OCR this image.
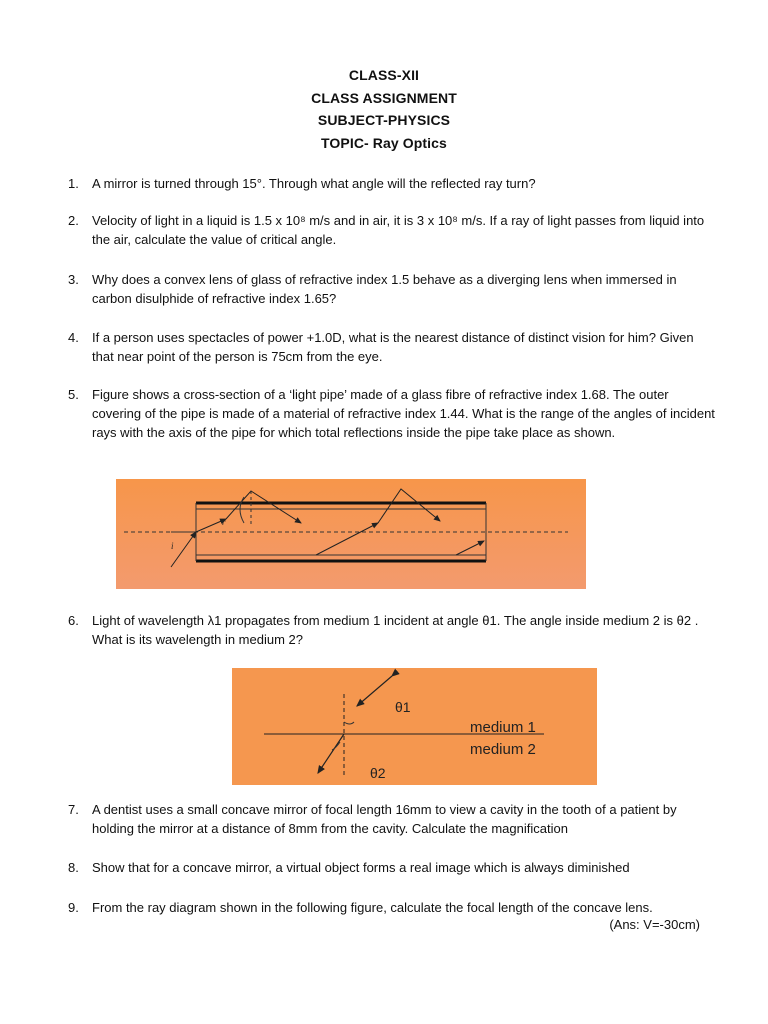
CLASS-XII
CLASS ASSIGNMENT
SUBJECT-PHYSICS
TOPIC- Ray Optics
1.	A mirror is turned through 15°. Through what angle will the reflected ray turn?
2.	Velocity of light in a liquid is 1.5 x 10⁸ m/s and in air, it is 3 x 10⁸ m/s. If a ray of light passes from liquid into the air, calculate the value of critical angle.
3.	Why does a convex lens of glass of refractive index 1.5 behave as a diverging lens when immersed in carbon disulphide of refractive index 1.65?
4.	If a person uses spectacles of power +1.0D, what is the nearest distance of distinct vision for him? Given that near point of the person is 75cm from the eye.
5.	Figure shows a cross-section of a ‘light pipe’ made of a glass fibre of refractive index 1.68. The outer covering of the pipe is made of a material of refractive index 1.44. What is the range of the angles of incident rays with the axis of the pipe for which total reflections inside the pipe take place as shown.
i
r
6.	Light of wavelength λ1 propagates from medium 1 incident at angle θ1. The angle inside medium 2 is θ2 . What is its wavelength in medium 2?
θ1
θ2
medium 1
medium 2
7.	A dentist uses a small concave mirror of focal length 16mm to view a cavity in the tooth of a patient by holding the mirror at a distance of 8mm from the cavity. Calculate the magnification
8.	Show that for a concave mirror, a virtual object forms a real image which is always diminished
9.	From the ray diagram shown in the following figure, calculate the focal length of the concave lens.
(Ans: V=-30cm)
